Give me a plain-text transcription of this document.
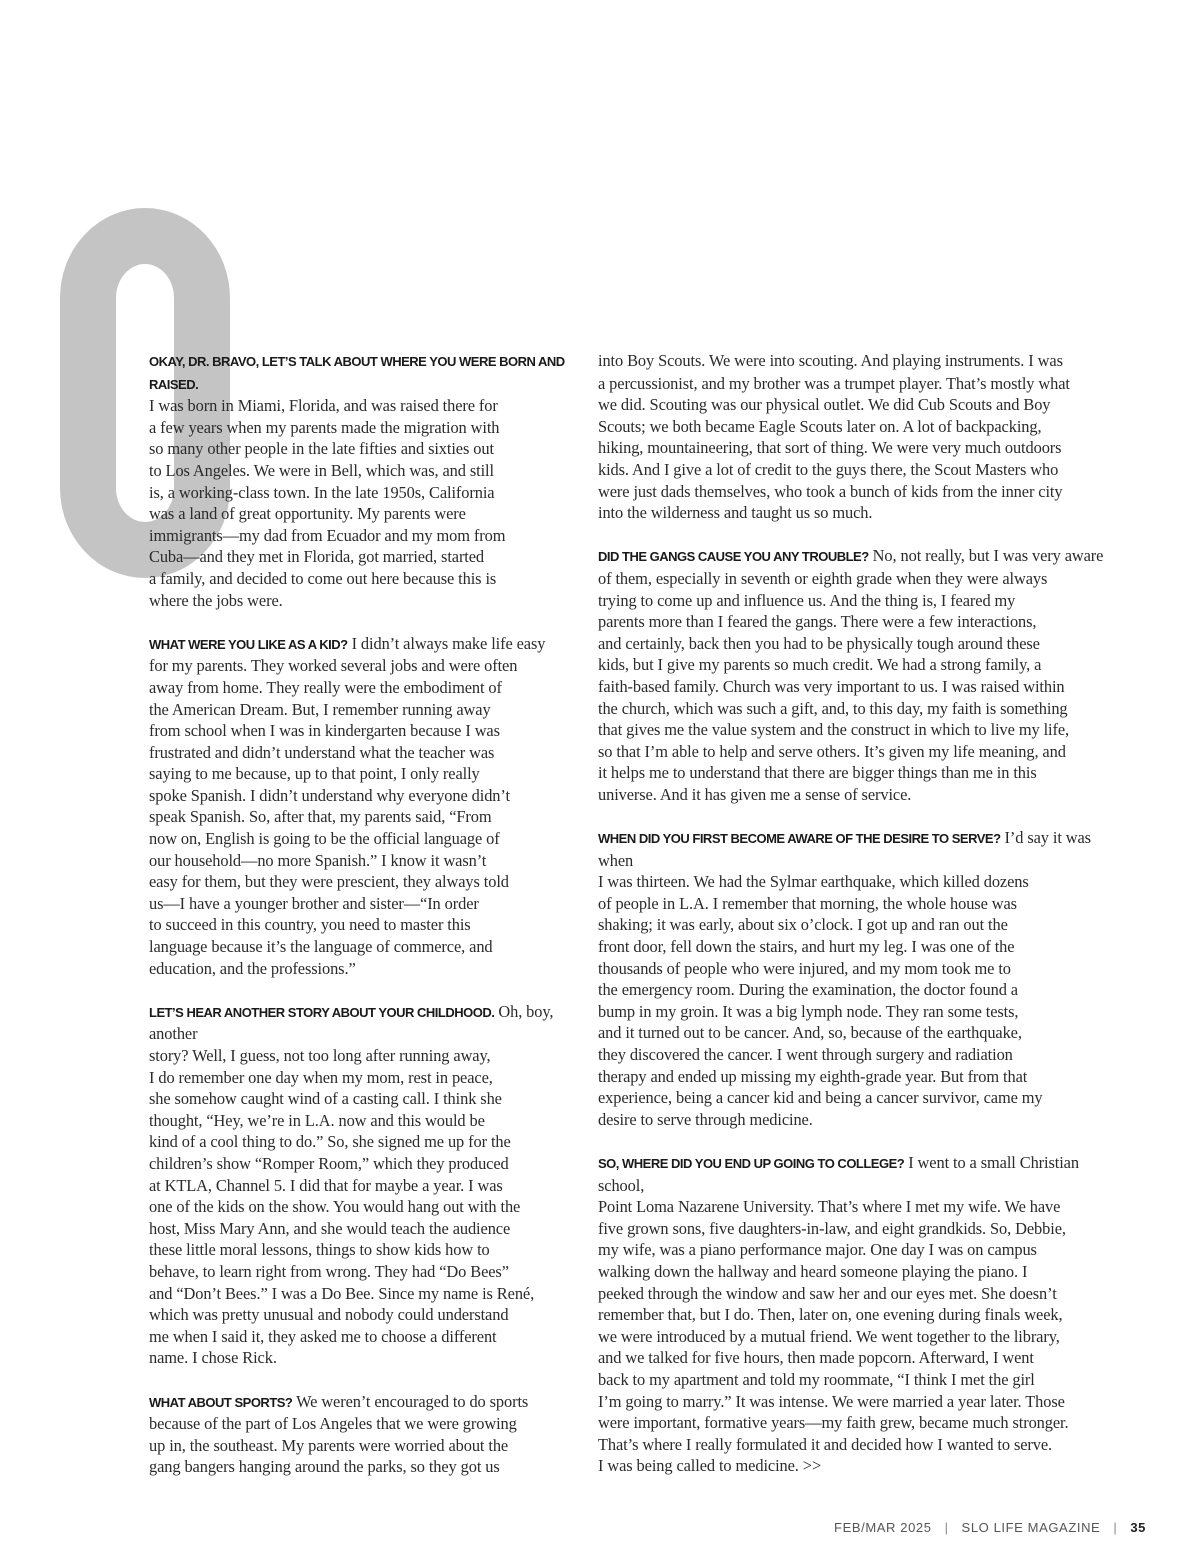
OKAY, DR. BRAVO, LET’S TALK ABOUT WHERE YOU WERE BORN AND RAISED.
I was born in Miami, Florida, and was raised there for
a few years when my parents made the migration with
so many other people in the late fifties and sixties out
to Los Angeles. We were in Bell, which was, and still
is, a working-class town. In the late 1950s, California
was a land of great opportunity. My parents were
immigrants—my dad from Ecuador and my mom from
Cuba—and they met in Florida, got married, started
a family, and decided to come out here because this is
where the jobs were.

WHAT WERE YOU LIKE AS A KID? I didn’t always make life easy
for my parents. They worked several jobs and were often
away from home. They really were the embodiment of
the American Dream. But, I remember running away
from school when I was in kindergarten because I was
frustrated and didn’t understand what the teacher was
saying to me because, up to that point, I only really
spoke Spanish. I didn’t understand why everyone didn’t
speak Spanish. So, after that, my parents said, “From
now on, English is going to be the official language of
our household—no more Spanish.” I know it wasn’t
easy for them, but they were prescient, they always told
us—I have a younger brother and sister—“In order
to succeed in this country, you need to master this
language because it’s the language of commerce, and
education, and the professions.”

LET’S HEAR ANOTHER STORY ABOUT YOUR CHILDHOOD. Oh, boy, another
story? Well, I guess, not too long after running away,
I do remember one day when my mom, rest in peace,
she somehow caught wind of a casting call. I think she
thought, “Hey, we’re in L.A. now and this would be
kind of a cool thing to do.” So, she signed me up for the
children’s show “Romper Room,” which they produced
at KTLA, Channel 5. I did that for maybe a year. I was
one of the kids on the show. You would hang out with the
host, Miss Mary Ann, and she would teach the audience
these little moral lessons, things to show kids how to
behave, to learn right from wrong. They had “Do Bees”
and “Don’t Bees.” I was a Do Bee. Since my name is René,
which was pretty unusual and nobody could understand
me when I said it, they asked me to choose a different
name. I chose Rick.

WHAT ABOUT SPORTS? We weren’t encouraged to do sports
because of the part of Los Angeles that we were growing
up in, the southeast. My parents were worried about the
gang bangers hanging around the parks, so they got us

into Boy Scouts. We were into scouting. And playing instruments. I was
a percussionist, and my brother was a trumpet player. That’s mostly what
we did. Scouting was our physical outlet. We did Cub Scouts and Boy
Scouts; we both became Eagle Scouts later on. A lot of backpacking,
hiking, mountaineering, that sort of thing. We were very much outdoors
kids. And I give a lot of credit to the guys there, the Scout Masters who
were just dads themselves, who took a bunch of kids from the inner city
into the wilderness and taught us so much.

DID THE GANGS CAUSE YOU ANY TROUBLE? No, not really, but I was very aware
of them, especially in seventh or eighth grade when they were always
trying to come up and influence us. And the thing is, I feared my
parents more than I feared the gangs. There were a few interactions,
and certainly, back then you had to be physically tough around these
kids, but I give my parents so much credit. We had a strong family, a
faith-based family. Church was very important to us. I was raised within
the church, which was such a gift, and, to this day, my faith is something
that gives me the value system and the construct in which to live my life,
so that I’m able to help and serve others. It’s given my life meaning, and
it helps me to understand that there are bigger things than me in this
universe. And it has given me a sense of service.

WHEN DID YOU FIRST BECOME AWARE OF THE DESIRE TO SERVE? I’d say it was when
I was thirteen. We had the Sylmar earthquake, which killed dozens
of people in L.A. I remember that morning, the whole house was
shaking; it was early, about six o’clock. I got up and ran out the
front door, fell down the stairs, and hurt my leg. I was one of the
thousands of people who were injured, and my mom took me to
the emergency room. During the examination, the doctor found a
bump in my groin. It was a big lymph node. They ran some tests,
and it turned out to be cancer. And, so, because of the earthquake,
they discovered the cancer. I went through surgery and radiation
therapy and ended up missing my eighth-grade year. But from that
experience, being a cancer kid and being a cancer survivor, came my
desire to serve through medicine.

SO, WHERE DID YOU END UP GOING TO COLLEGE? I went to a small Christian school,
Point Loma Nazarene University. That’s where I met my wife. We have
five grown sons, five daughters-in-law, and eight grandkids. So, Debbie,
my wife, was a piano performance major. One day I was on campus
walking down the hallway and heard someone playing the piano. I
peeked through the window and saw her and our eyes met. She doesn’t
remember that, but I do. Then, later on, one evening during finals week,
we were introduced by a mutual friend. We went together to the library,
and we talked for five hours, then made popcorn. Afterward, I went
back to my apartment and told my roommate, “I think I met the girl
I’m going to marry.” It was intense. We were married a year later. Those
were important, formative years—my faith grew, became much stronger.
That’s where I really formulated it and decided how I wanted to serve.
I was being called to medicine. >>

FEB/MAR 2025 | SLO LIFE MAGAZINE | 35
